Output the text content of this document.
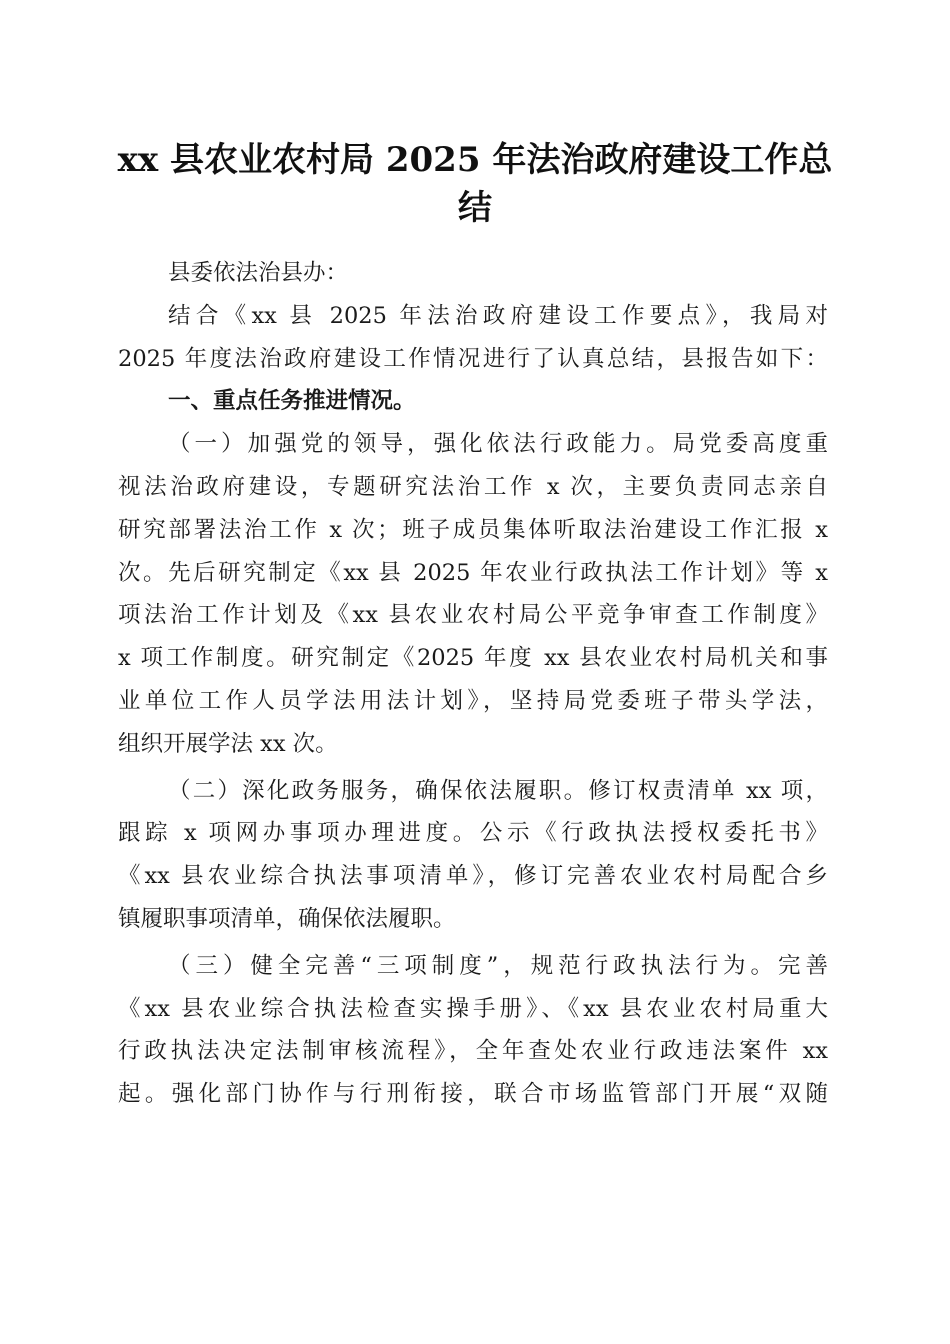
xx 县农业农村局 2025 年法治政府建设工作总
结

县委依法治县办：

结合《xx 县 2025 年法治政府建设工作要点》，我局对
2025 年度法治政府建设工作情况进行了认真总结，县报告如下：

一、重点任务推进情况。

（一）加强党的领导，强化依法行政能力。局党委高度重
视法治政府建设，专题研究法治工作 x 次，主要负责同志亲自
研究部署法治工作 x 次；班子成员集体听取法治建设工作汇报 x
次。先后研究制定《xx 县 2025 年农业行政执法工作计划》等 x
项法治工作计划及《xx 县农业农村局公平竞争审查工作制度》
x 项工作制度。研究制定《2025 年度 xx 县农业农村局机关和事
业单位工作人员学法用法计划》，坚持局党委班子带头学法，
组织开展学法 xx 次。

（二）深化政务服务，确保依法履职。修订权责清单 xx 项，
跟踪 x 项网办事项办理进度。公示《行政执法授权委托书》
《xx 县农业综合执法事项清单》，修订完善农业农村局配合乡
镇履职事项清单，确保依法履职。

（三）健全完善“三项制度”，规范行政执法行为。完善
《xx 县农业综合执法检查实操手册》、《xx 县农业农村局重大
行政执法决定法制审核流程》，全年查处农业行政违法案件 xx
起。强化部门协作与行刑衔接，联合市场监管部门开展“双随
